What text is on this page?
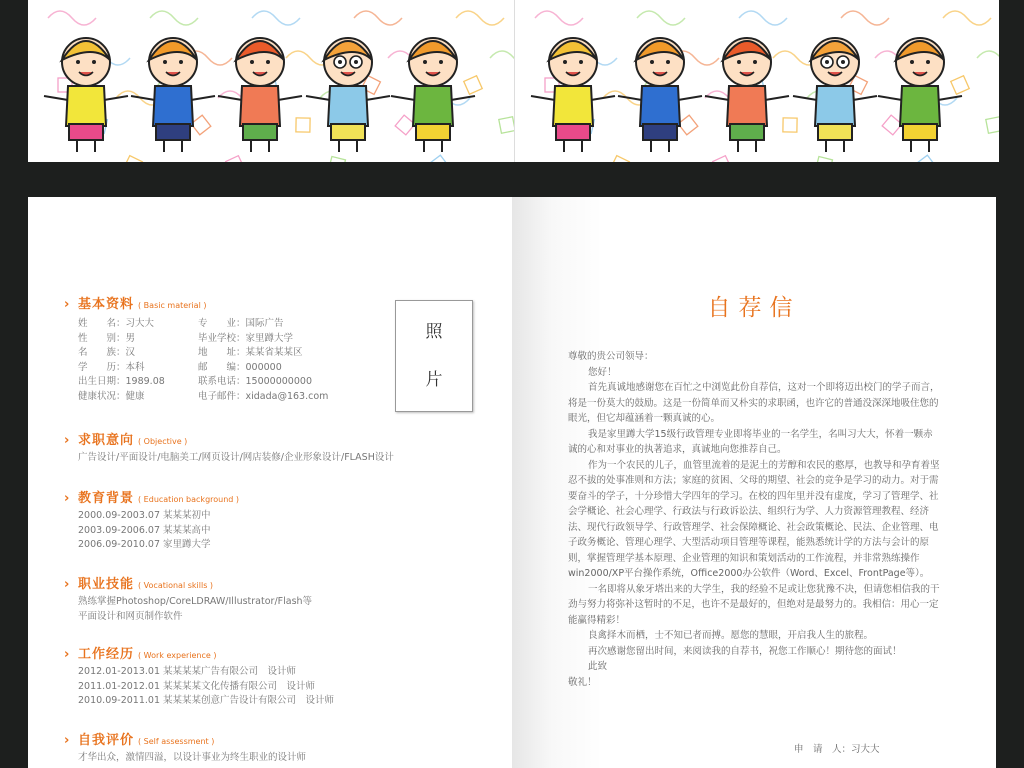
› 基本资料 ( Basic material )
姓　　名：习大大	专　　业：国际广告
性　　别：男	毕业学校：家里蹲大学
名　　族：汉	地　　址：某某省某某区
学　　历：本科	邮　　编：000000
出生日期：1989.08	联系电话：15000000000
健康状况：健康	电子邮件：xidada@163.com
照
片
› 求职意向 ( Objective )
广告设计/平面设计/电脑美工/网页设计/网店装修/企业形象设计/FLASH设计
› 教育背景 ( Education background )
2000.09-2003.07 某某某初中
2003.09-2006.07 某某某高中
2006.09-2010.07 家里蹲大学
› 职业技能 ( Vocational skills )
熟练掌握Photoshop/CoreLDRAW/Illustrator/Flash等
平面设计和网页制作软件
› 工作经历 ( Work experience )
2012.01-2013.01 某某某某广告有限公司　设计师
2011.01-2012.01 某某某某文化传播有限公司　设计师
2010.09-2011.01 某某某某创意广告设计有限公司　设计师
› 自我评价 ( Self assessment )
才华出众，激情四溢，以设计事业为终生职业的设计师
自荐信

尊敬的贵公司领导：

您好！

首先真诚地感谢您在百忙之中浏览此份自荐信，这对一个即将迈出校门的学子而言，将是一份莫大的鼓励。这是一份简单而又朴实的求职函，也许它的普通没深深地吸住您的眼光，但它却蕴涵着一颗真诚的心。

我是家里蹲大学15级行政管理专业即将毕业的一名学生，名叫习大大，怀着一颗赤诚的心和对事业的执著追求，真诚地向您推荐自己。

作为一个农民的儿子，血管里流着的是泥土的芳醇和农民的憨厚，也教导和孕育着坚忍不拔的处事准则和方法；家庭的贫困、父母的期望、社会的竞争是学习的动力。对于需要奋斗的学子，十分珍惜大学四年的学习。在校的四年里并没有虚度，学习了管理学、社会学概论、社会心理学、行政法与行政诉讼法、组织行为学、人力资源管理教程、经济法、现代行政领导学、行政管理学、社会保障概论、社会政策概论、民法、企业管理、电子政务概论、管理心理学、大型活动项目管理等课程，能熟悉统计学的方法与会计的原则，掌握管理学基本原理、企业管理的知识和策划活动的工作流程，并非常熟练操作win2000/XP平台操作系统，Office2000办公软件（Word、Excel、FrontPage等）。

一名即将从象牙塔出来的大学生，我的经验不足或让您犹豫不决，但请您相信我的干劲与努力将弥补这暂时的不足，也许不是最好的，但绝对是最努力的。我相信：用心一定能赢得精彩！

良禽择木而栖，士不知已者而搏。愿您的慧眼，开启我人生的旅程。

再次感谢您留出时间，来阅读我的自荐书，祝您工作顺心！期待您的面试！

此致

敬礼！

申　请　人：习大大
